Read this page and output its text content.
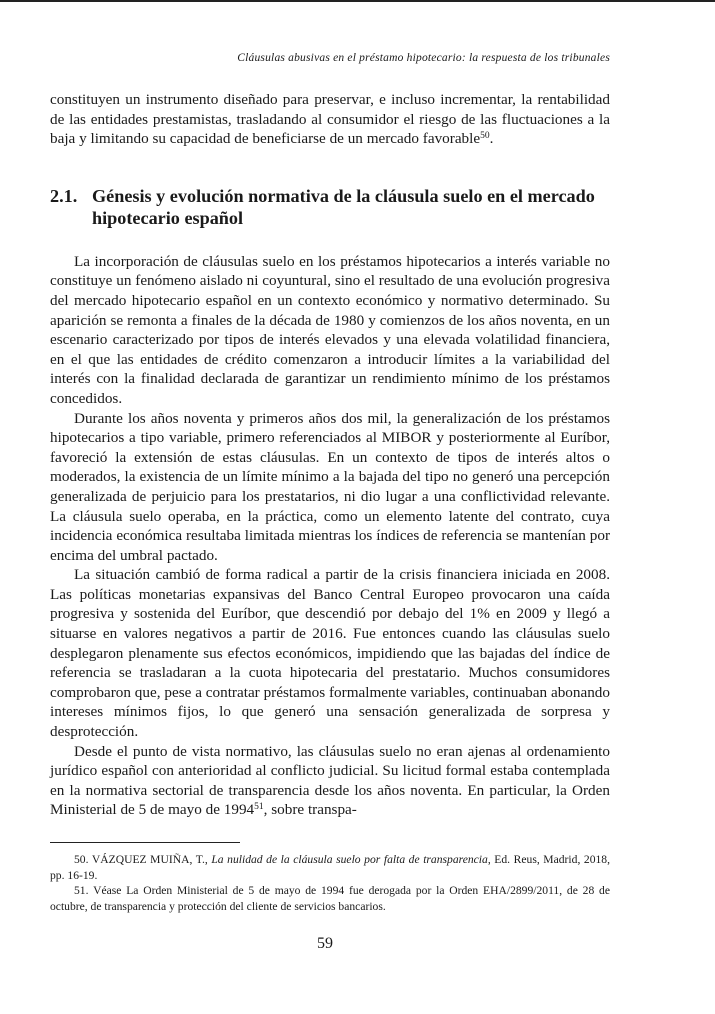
Cláusulas abusivas en el préstamo hipotecario: la respuesta de los tribunales

constituyen un instrumento diseñado para preservar, e incluso incrementar, la rentabilidad de las entidades prestamistas, trasladando al consumidor el riesgo de las fluctuaciones a la baja y limitando su capacidad de beneficiarse de un mercado favorable$^{50}$.

2.1. Génesis y evolución normativa de la cláusula suelo en el mercado hipotecario español

La incorporación de cláusulas suelo en los préstamos hipotecarios a interés variable no constituye un fenómeno aislado ni coyuntural, sino el resultado de una evolución progresiva del mercado hipotecario español en un contexto económico y normativo determinado. Su aparición se remonta a finales de la década de 1980 y comienzos de los años noventa, en un escenario caracterizado por tipos de interés elevados y una elevada volatilidad financiera, en el que las entidades de crédito comenzaron a introducir límites a la variabilidad del interés con la finalidad declarada de garantizar un rendimiento mínimo de los préstamos concedidos.

Durante los años noventa y primeros años dos mil, la generalización de los préstamos hipotecarios a tipo variable, primero referenciados al MIBOR y posteriormente al Euríbor, favoreció la extensión de estas cláusulas. En un contexto de tipos de interés altos o moderados, la existencia de un límite mínimo a la bajada del tipo no generó una percepción generalizada de perjuicio para los prestatarios, ni dio lugar a una conflictividad relevante. La cláusula suelo operaba, en la práctica, como un elemento latente del contrato, cuya incidencia económica resultaba limitada mientras los índices de referencia se mantenían por encima del umbral pactado.

La situación cambió de forma radical a partir de la crisis financiera iniciada en 2008. Las políticas monetarias expansivas del Banco Central Europeo provocaron una caída progresiva y sostenida del Euríbor, que descendió por debajo del 1% en 2009 y llegó a situarse en valores negativos a partir de 2016. Fue entonces cuando las cláusulas suelo desplegaron plenamente sus efectos económicos, impidiendo que las bajadas del índice de referencia se trasladaran a la cuota hipotecaria del prestatario. Muchos consumidores comprobaron que, pese a contratar préstamos formalmente variables, continuaban abonando intereses mínimos fijos, lo que generó una sensación generalizada de sorpresa y desprotección.

Desde el punto de vista normativo, las cláusulas suelo no eran ajenas al ordenamiento jurídico español con anterioridad al conflicto judicial. Su licitud formal estaba contemplada en la normativa sectorial de transparencia desde los años noventa. En particular, la Orden Ministerial de 5 de mayo de 1994$^{51}$, sobre transpa-

50. VÁZQUEZ MUIÑA, T., La nulidad de la cláusula suelo por falta de transparencia, Ed. Reus, Madrid, 2018, pp. 16-19.

51. Véase La Orden Ministerial de 5 de mayo de 1994 fue derogada por la Orden EHA/2899/2011, de 28 de octubre, de transparencia y protección del cliente de servicios bancarios.

59
